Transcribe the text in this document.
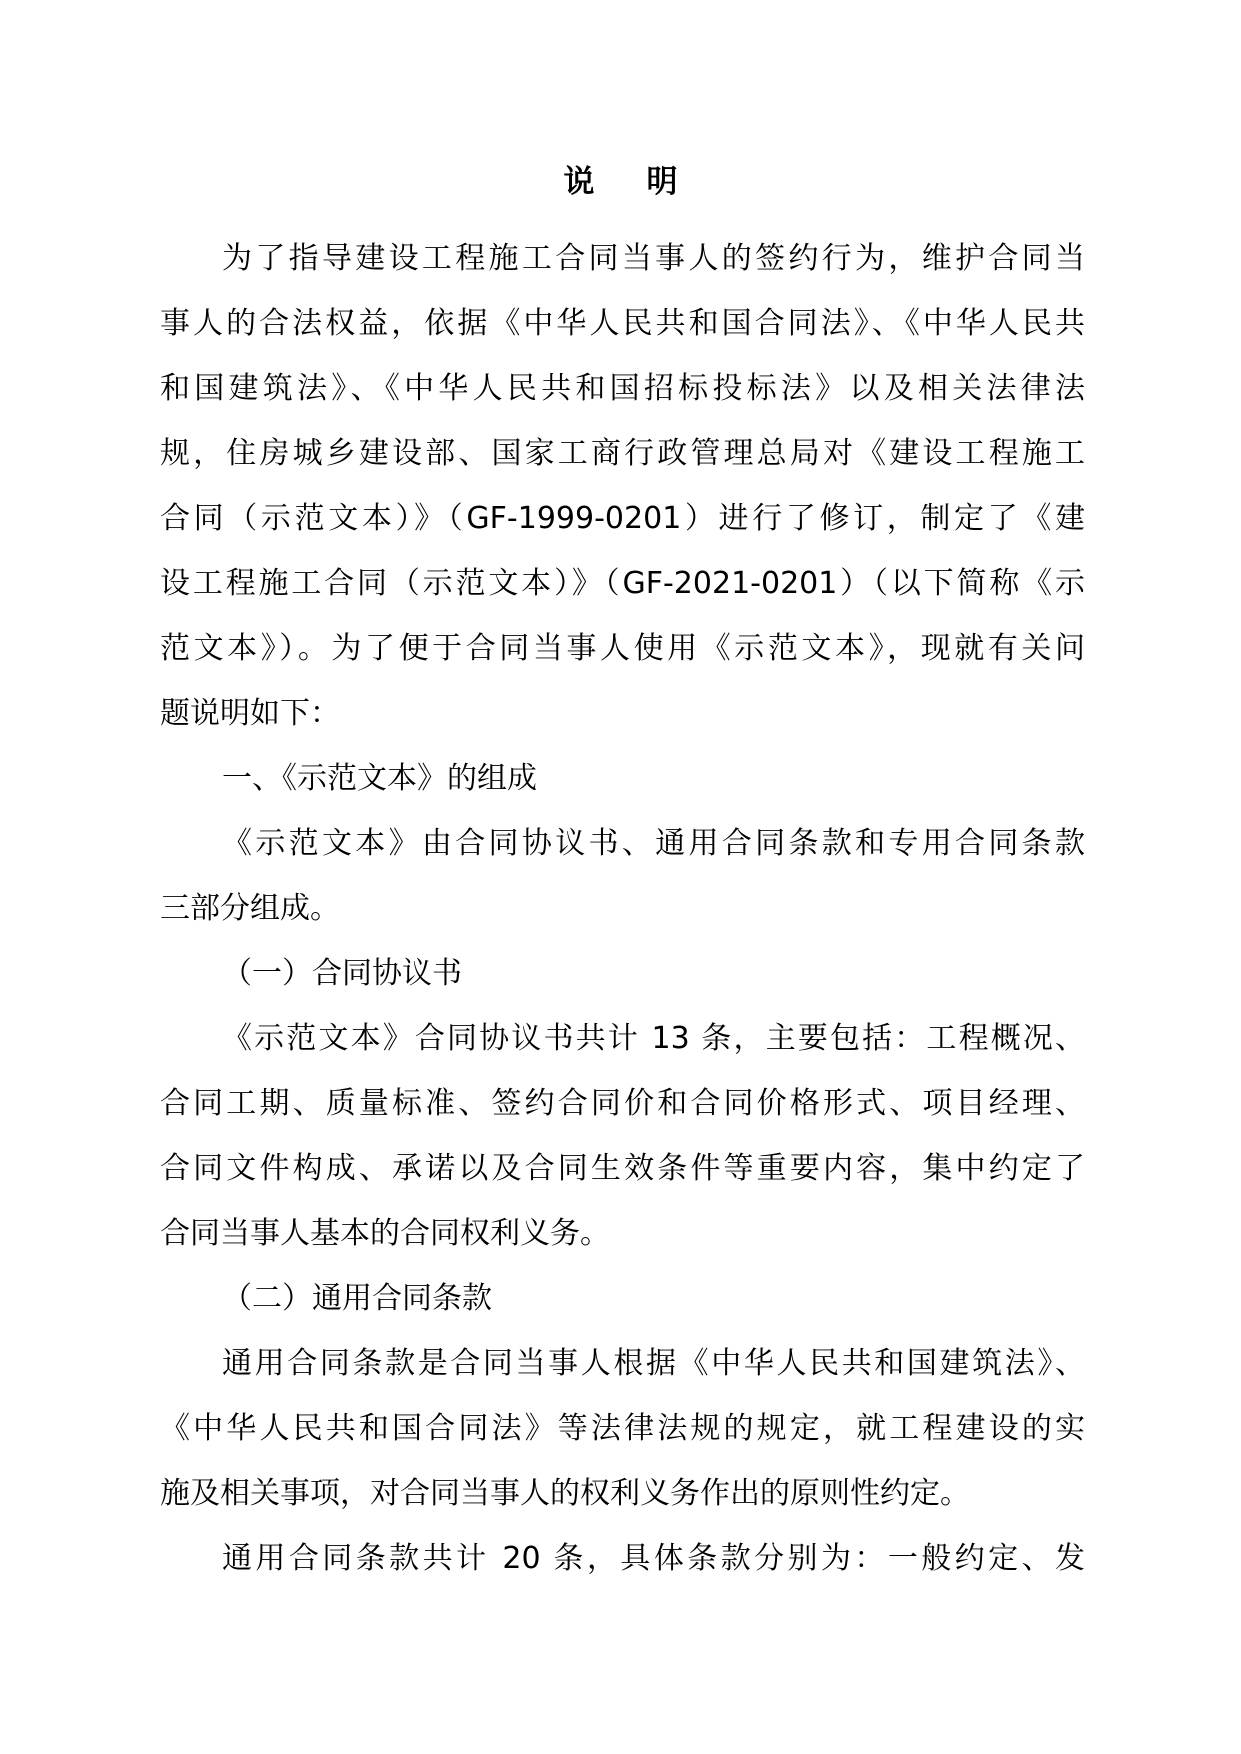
说明
为了指导建设工程施工合同当事人的签约行为，维护合同当
事人的合法权益，依据《中华人民共和国合同法》、《中华人民共
和国建筑法》、《中华人民共和国招标投标法》以及相关法律法
规，住房城乡建设部、国家工商行政管理总局对《建设工程施工
合同（示范文本）》（GF-1999-0201）进行了修订，制定了《建
设工程施工合同（示范文本）》（GF-2021-0201）（以下简称《示
范文本》）。为了便于合同当事人使用《示范文本》，现就有关问
题说明如下：
一、《示范文本》的组成
《示范文本》由合同协议书、通用合同条款和专用合同条款
三部分组成。
（一）合同协议书
《示范文本》合同协议书共计 13 条，主要包括：工程概况、
合同工期、质量标准、签约合同价和合同价格形式、项目经理、
合同文件构成、承诺以及合同生效条件等重要内容，集中约定了
合同当事人基本的合同权利义务。
（二）通用合同条款
通用合同条款是合同当事人根据《中华人民共和国建筑法》、
《中华人民共和国合同法》等法律法规的规定，就工程建设的实
施及相关事项，对合同当事人的权利义务作出的原则性约定。
通用合同条款共计 20 条，具体条款分别为：一般约定、发
